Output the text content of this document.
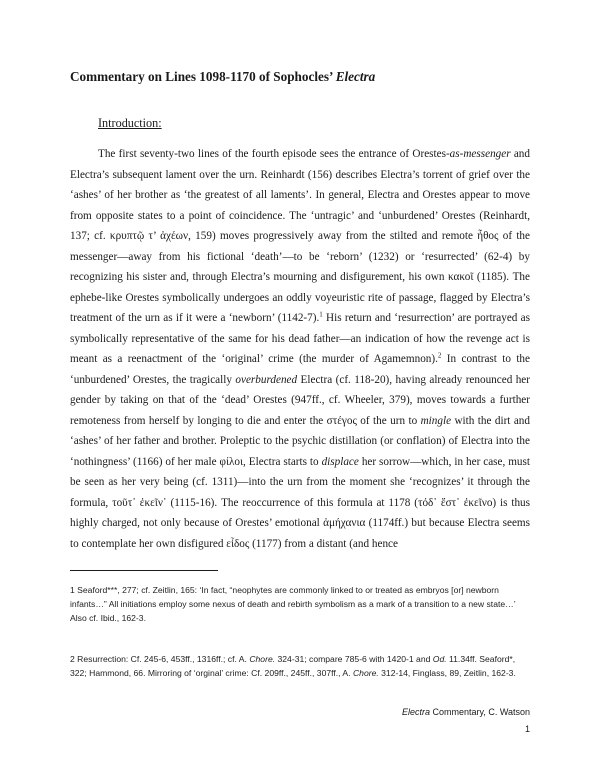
Commentary on Lines 1098-1170 of Sophocles’ Electra

Introduction:

The first seventy-two lines of the fourth episode sees the entrance of Orestes-as-messenger and Electra’s subsequent lament over the urn. Reinhardt (156) describes Electra’s torrent of grief over the ‘ashes’ of her brother as ‘the greatest of all laments’. In general, Electra and Orestes appear to move from opposite states to a point of coincidence. The ‘untragic’ and ‘unburdened’ Orestes (Reinhardt, 137; cf. κρυπτῷ τ’ ἀχέων, 159) moves progressively away from the stilted and remote ἦθος of the messenger—away from his fictional ‘death’—to be ‘reborn’ (1232) or ‘resurrected’ (62-4) by recognizing his sister and, through Electra’s mourning and disfigurement, his own κακοῖ (1185). The ephebe-like Orestes symbolically undergoes an oddly voyeuristic rite of passage, flagged by Electra’s treatment of the urn as if it were a ‘newborn’ (1142-7).$^1$ His return and ‘resurrection’ are portrayed as symbolically representative of the same for his dead father—an indication of how the revenge act is meant as a reenactment of the ‘original’ crime (the murder of Agamemnon).$^2$ In contrast to the ‘unburdened’ Orestes, the tragically overburdened Electra (cf. 118-20), having already renounced her gender by taking on that of the ‘dead’ Orestes (947ff., cf. Wheeler, 379), moves towards a further remoteness from herself by longing to die and enter the στέγος of the urn to mingle with the dirt and ‘ashes’ of her father and brother. Proleptic to the psychic distillation (or conflation) of Electra into the ‘nothingness’ (1166) of her male φίλοι, Electra starts to displace her sorrow—which, in her case, must be seen as her very being (cf. 1311)—into the urn from the moment she ‘recognizes’ it through the formula, τοῦτ᾽ ἐκεῖν᾽ (1115-16). The reoccurrence of this formula at 1178 (τόδ᾽ ἔστ᾽ ἐκεῖνο) is thus highly charged, not only because of Orestes’ emotional ἀμήχανια (1174ff.) but because Electra seems to contemplate her own disfigured εἶδος (1177) from a distant (and hence

1 Seaford***, 277; cf. Zeitlin, 165: ‘In fact, “neophytes are commonly linked to or treated as embryos [or] newborn infants…” All initiations employ some nexus of death and rebirth symbolism as a mark of a transition to a new state…’ Also cf. Ibid., 162-3.

2 Resurrection: Cf. 245-6, 453ff., 1316ff.; cf. A. Chore. 324-31; compare 785-6 with 1420-1 and Od. 11.34ff. Seaford*, 322; Hammond, 66. Mirroring of ‘orginal’ crime: Cf. 209ff., 245ff., 307ff., A. Chore. 312-14, Finglass, 89, Zeitlin, 162-3.

Electra Commentary, C. Watson

1
